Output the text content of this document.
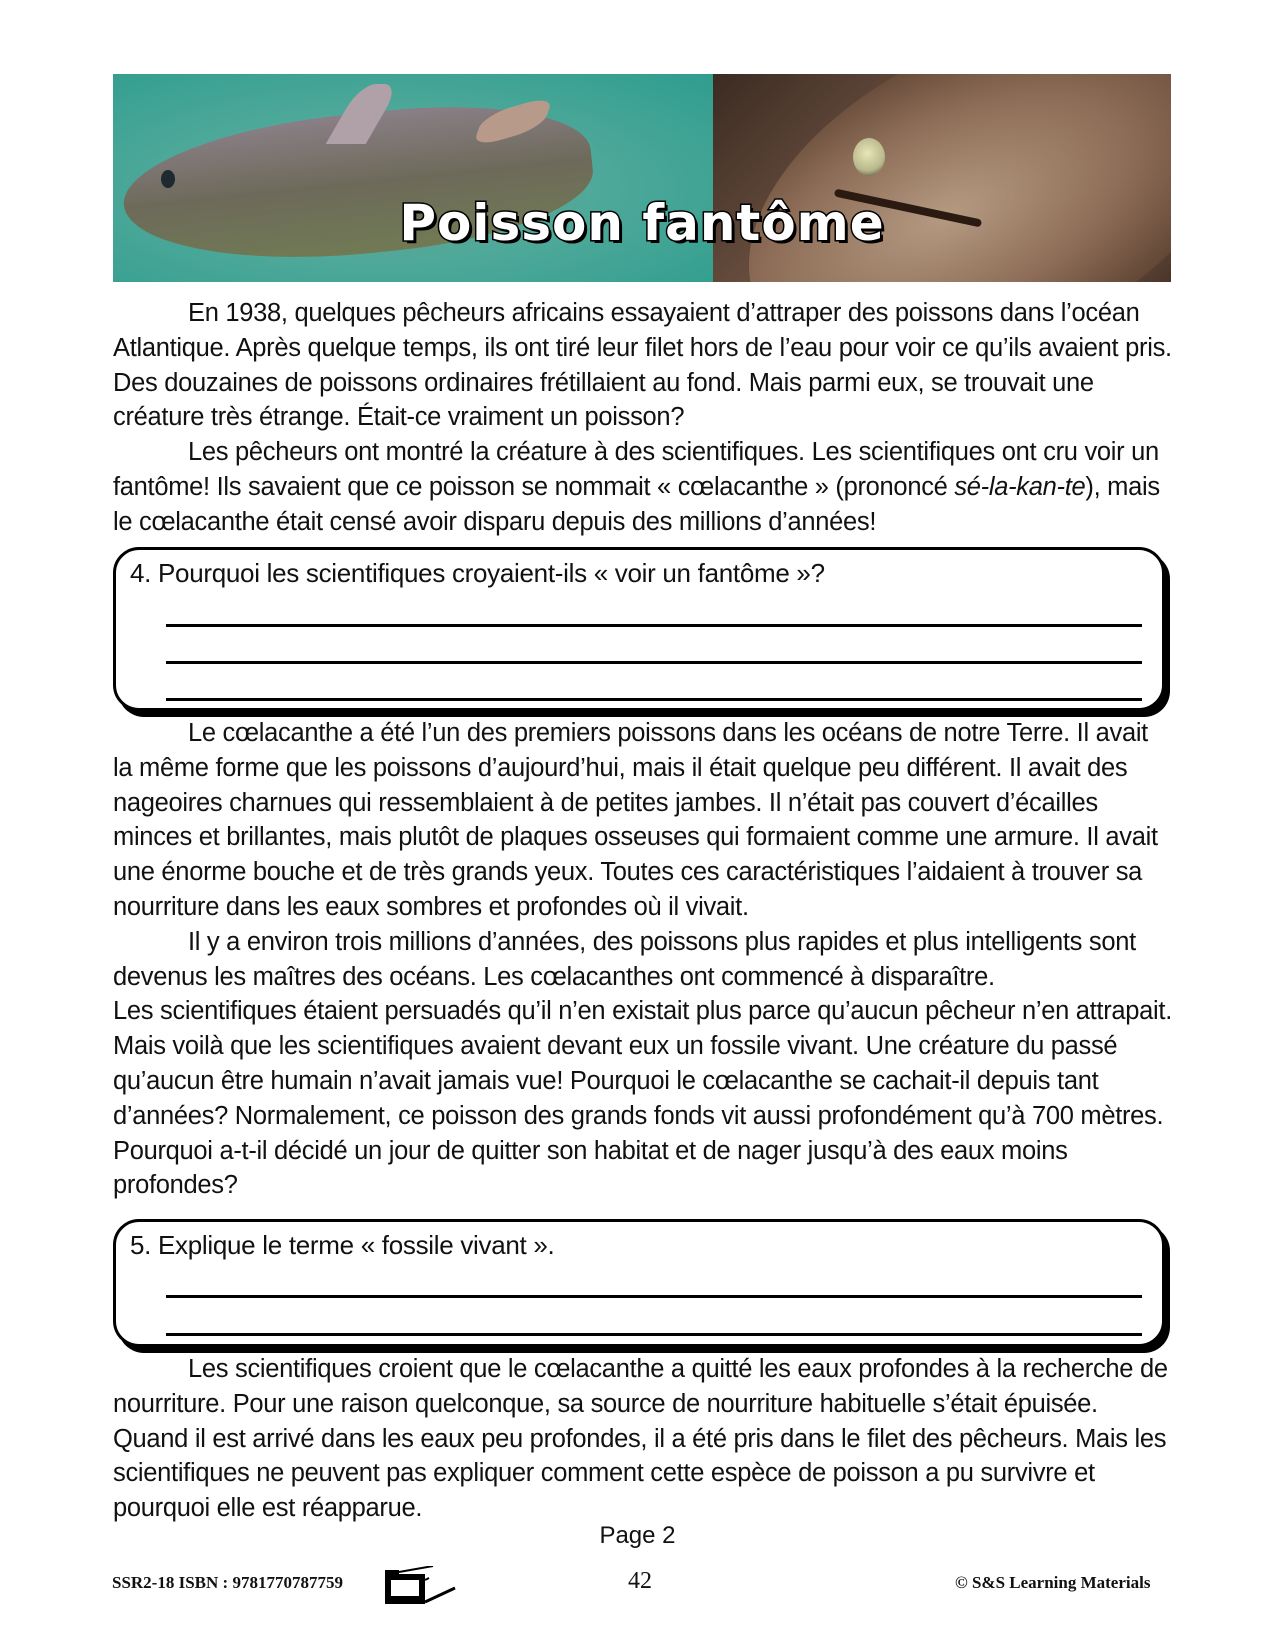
Poisson fantôme

En 1938, quelques pêcheurs africains essayaient d’attraper des poissons dans l’océan Atlantique. Après quelque temps, ils ont tiré leur filet hors de l’eau pour voir ce qu’ils avaient pris. Des douzaines de poissons ordinaires frétillaient au fond. Mais parmi eux, se trouvait une créature très étrange. Était-ce vraiment un poisson?

Les pêcheurs ont montré la créature à des scientifiques. Les scientifiques ont cru voir un fantôme! Ils savaient que ce poisson se nommait « cœlacanthe » (prononcé sé-la-kan-te), mais le cœlacanthe était censé avoir disparu depuis des millions d’années!

4. Pourquoi les scientifiques croyaient-ils « voir un fantôme »?

Le cœlacanthe a été l’un des premiers poissons dans les océans de notre Terre. Il avait la même forme que les poissons d’aujourd’hui, mais il était quelque peu différent. Il avait des nageoires charnues qui ressemblaient à de petites jambes. Il n’était pas couvert d’écailles minces et brillantes, mais plutôt de plaques osseuses qui formaient comme une armure. Il avait une énorme bouche et de très grands yeux. Toutes ces caractéristiques l’aidaient à trouver sa nourriture dans les eaux sombres et profondes où il vivait.

Il y a environ trois millions d’années, des poissons plus rapides et plus intelligents sont devenus les maîtres des océans. Les cœlacanthes ont commencé à disparaître.

Les scientifiques étaient persuadés qu’il n’en existait plus parce qu’aucun pêcheur n’en attrapait. Mais voilà que les scientifiques avaient devant eux un fossile vivant. Une créature du passé qu’aucun être humain n’avait jamais vue! Pourquoi le cœlacanthe se cachait-il depuis tant d’années? Normalement, ce poisson des grands fonds vit aussi profondément qu’à 700 mètres. Pourquoi a-t-il décidé un jour de quitter son habitat et de nager jusqu’à des eaux moins profondes?

5. Explique le terme « fossile vivant ».

Les scientifiques croient que le cœlacanthe a quitté les eaux profondes à la recherche de nourriture. Pour une raison quelconque, sa source de nourriture habituelle s’était épuisée. Quand il est arrivé dans les eaux peu profondes, il a été pris dans le filet des pêcheurs. Mais les scientifiques ne peuvent pas expliquer comment cette espèce de poisson a pu survivre et pourquoi elle est réapparue.

Page 2
SSR2-18 ISBN : 9781770787759	42	© S&S Learning Materials
